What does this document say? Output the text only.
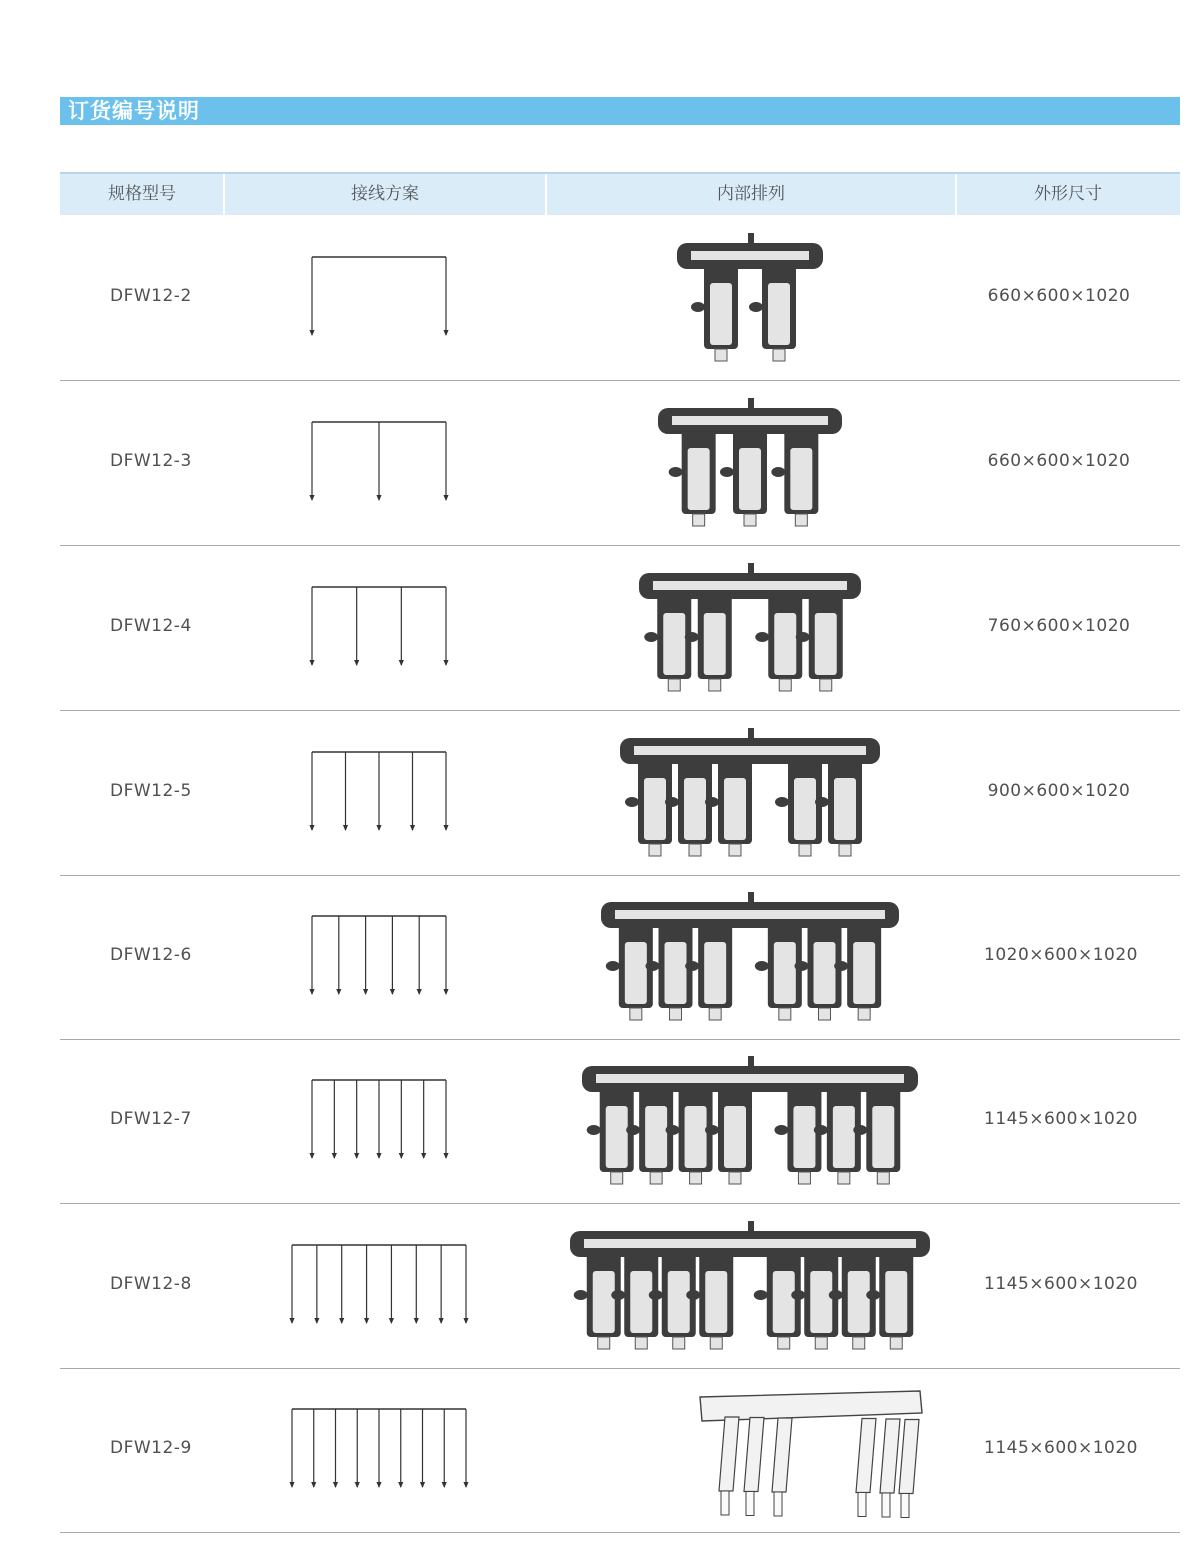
订货编号说明
规格型号	接线方案	内部排列	外形尺寸
DFW12-2	660×600×1020
DFW12-3	660×600×1020
DFW12-4	760×600×1020
DFW12-5	900×600×1020
DFW12-6	1020×600×1020
DFW12-7	1145×600×1020
DFW12-8	1145×600×1020
DFW12-9	1145×600×1020
